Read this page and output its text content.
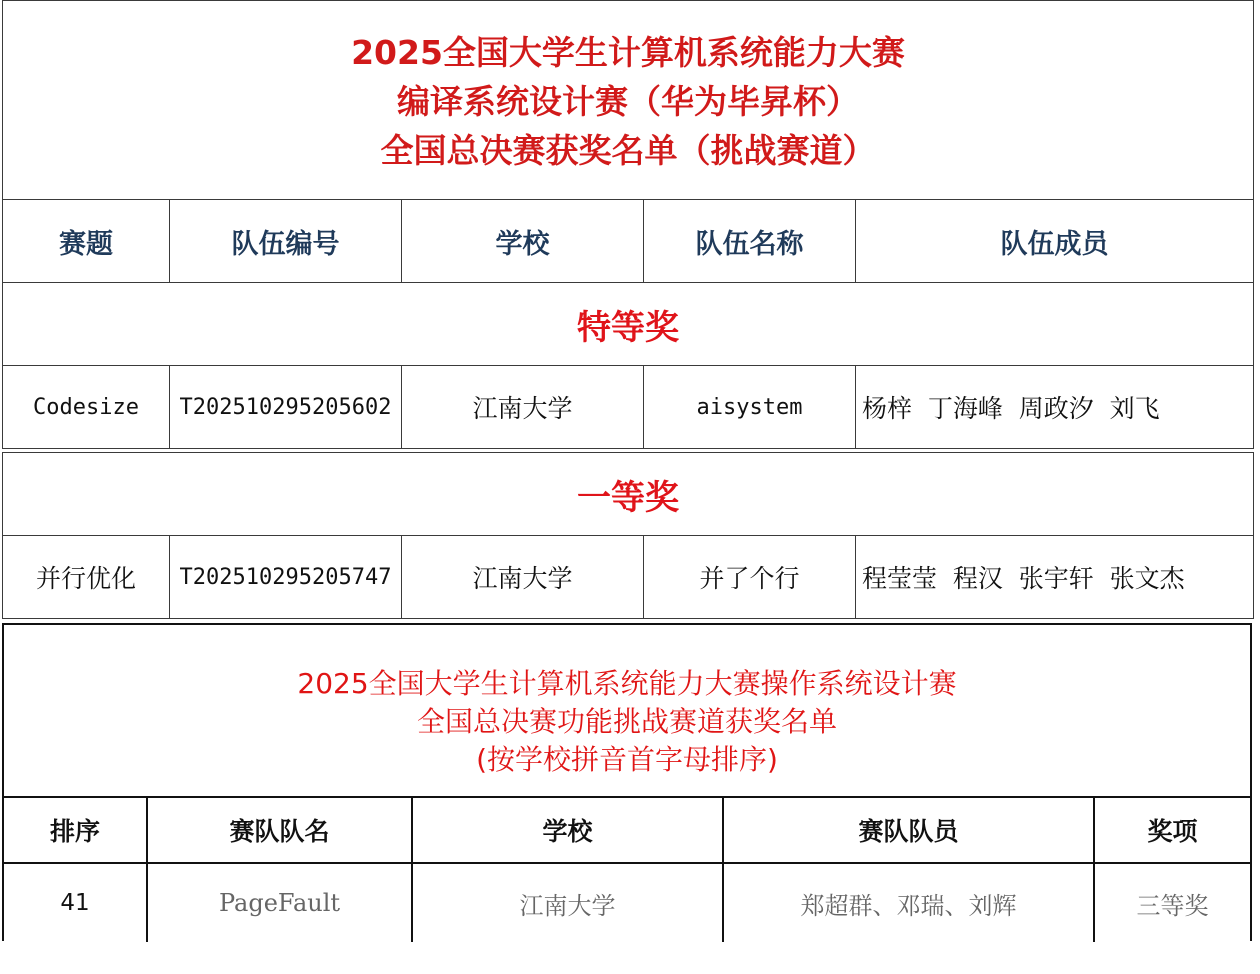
2025全国大学生计算机系统能力大赛
编译系统设计赛（华为毕昇杯）
全国总决赛获奖名单（挑战赛道）				

赛题	队伍编号	学校	队伍名称	队伍成员
特等奖				
Codesize	T202510295205602	江南大学	aisystem	杨梓  丁海峰  周政汐  刘飞

一等奖				
并行优化	T202510295205747	江南大学	并了个行	程莹莹  程汉  张宇轩  张文杰
2025全国大学生计算机系统能力大赛操作系统设计赛
全国总决赛功能挑战赛道获奖名单
(按学校拼音首字母排序)				

排序	赛队队名	学校	赛队队员	奖项
41	PageFault	江南大学	郑超群、邓瑞、刘辉	三等奖
